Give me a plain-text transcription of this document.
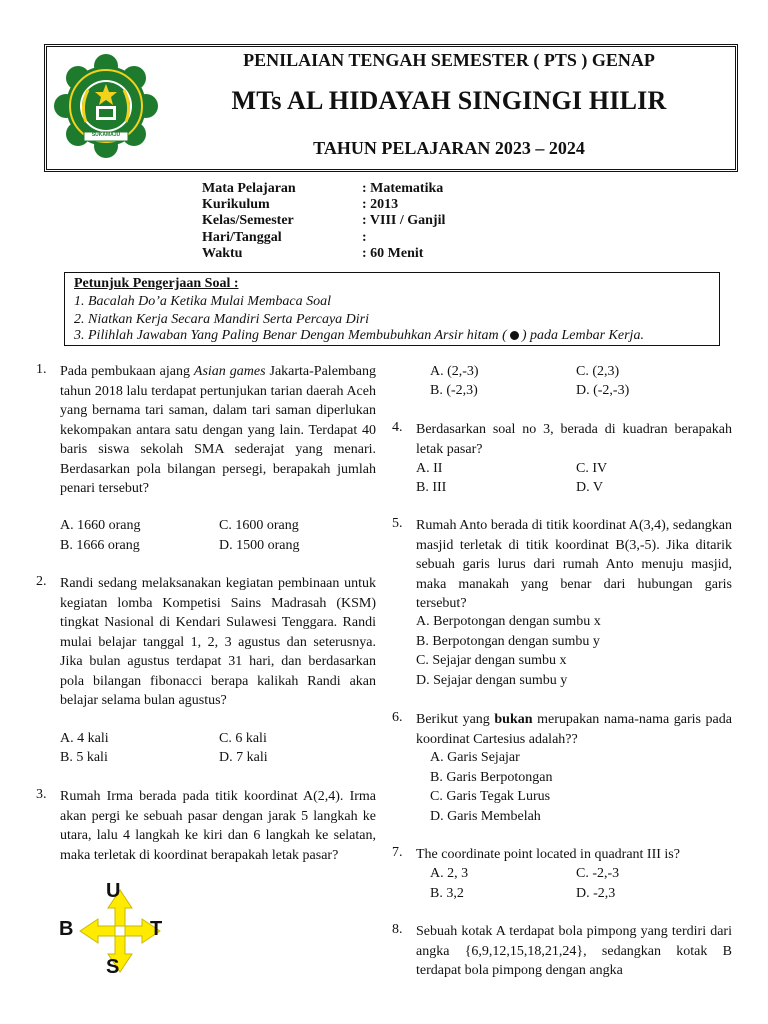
SUKAMAJU
PENILAIAN TENGAH SEMESTER ( PTS ) GENAP
MTs AL HIDAYAH SINGINGI HILIR
TAHUN PELAJARAN 2023 – 2024
Mata Pelajaran	: Matematika
Kurikulum	: 2013
Kelas/Semester	: VIII / Ganjil
Hari/Tanggal	:
Waktu	: 60 Menit
Petunjuk Pengerjaan Soal :
1. Bacalah Do’a Ketika Mulai Membaca Soal
2. Niatkan Kerja Secara Mandiri Serta Percaya Diri
3. Pilihlah Jawaban Yang Paling Benar Dengan Membubuhkan Arsir hitam ( ) pada Lembar Kerja.
1. Pada pembukaan ajang Asian games Jakarta-Palembang tahun 2018 lalu terdapat pertunjukan tarian daerah Aceh yang bernama tari saman, dalam tari saman diperlukan kekompakan antara satu dengan yang lain. Terdapat 40 baris siswa sekolah SMA sederajat yang menari. Berdasarkan pola bilangan persegi, berapakah jumlah penari tersebut?
A. 1660 orang
B. 1666 orang
C. 1600 orang
D. 1500 orang
2. Randi sedang melaksanakan kegiatan pembinaan untuk kegiatan lomba Kompetisi Sains Madrasah (KSM) tingkat Nasional di Kendari Sulawesi Tenggara. Randi mulai belajar tanggal 1, 2, 3 agustus dan seterusnya. Jika bulan agustus terdapat 31 hari, dan berdasarkan pola bilangan fibonacci berapa kalikah Randi akan belajar selama bulan agustus?
A. 4 kali
B. 5 kali
C. 6 kali
D. 7 kali
3. Rumah Irma berada pada titik koordinat A(2,4). Irma akan pergi ke sebuah pasar dengan jarak 5 langkah ke utara, lalu 4 langkah ke kiri dan 6 langkah ke selatan, maka terletak di koordinat berapakah letak pasar?
U
B	T
S
A. (2,-3)
B. (-2,3)
C. (2,3)
D. (-2,-3)
4. Berdasarkan soal no 3, berada di kuadran berapakah letak pasar?
A. II
B. III
C. IV
D. V
5. Rumah Anto berada di titik koordinat A(3,4), sedangkan masjid terletak di titik koordinat B(3,-5). Jika ditarik sebuah garis lurus dari rumah Anto menuju masjid, maka manakah yang benar dari hubungan garis tersebut?
A. Berpotongan dengan sumbu x
B. Berpotongan dengan sumbu y
C. Sejajar dengan sumbu x
D. Sejajar dengan sumbu y
6. Berikut yang bukan merupakan nama-nama garis pada koordinat Cartesius adalah??
A. Garis Sejajar
B. Garis Berpotongan
C. Garis Tegak Lurus
D. Garis Membelah
7. The coordinate point located in quadrant III is?
A. 2, 3
B. 3,2
C. -2,-3
D. -2,3
8. Sebuah kotak A terdapat bola pimpong yang terdiri dari angka {6,9,12,15,18,21,24}, sedangkan kotak B terdapat bola pimpong dengan angka
